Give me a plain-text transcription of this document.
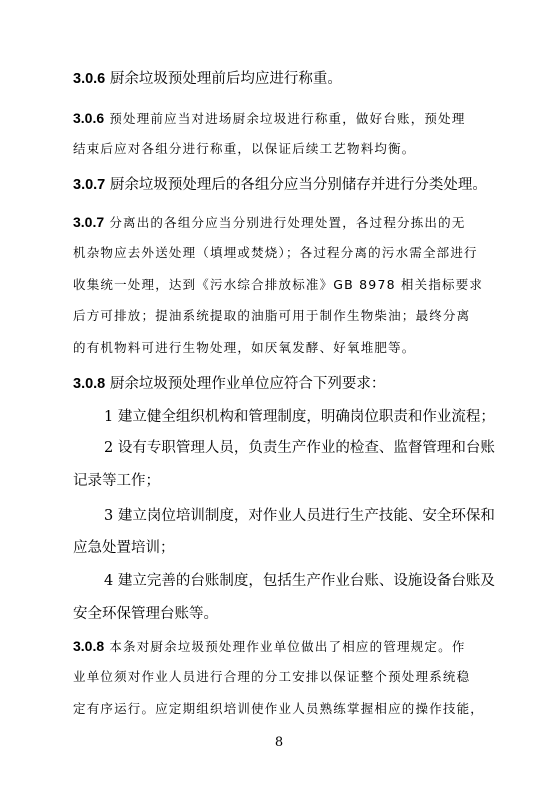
3.0.6 厨余垃圾预处理前后均应进行称重。
3.0.6 预处理前应当对进场厨余垃圾进行称重，做好台账，预处理
结束后应对各组分进行称重，以保证后续工艺物料均衡。
3.0.7 厨余垃圾预处理后的各组分应当分别储存并进行分类处理。
3.0.7 分离出的各组分应当分别进行处理处置，各过程分拣出的无
机杂物应去外送处理（填埋或焚烧）；各过程分离的污水需全部进行
收集统一处理，达到《污水综合排放标准》GB 8978 相关指标要求
后方可排放；提油系统提取的油脂可用于制作生物柴油；最终分离
的有机物料可进行生物处理，如厌氧发酵、好氧堆肥等。
3.0.8 厨余垃圾预处理作业单位应符合下列要求：
1 建立健全组织机构和管理制度，明确岗位职责和作业流程；
2 设有专职管理人员，负责生产作业的检查、监督管理和台账
记录等工作；
3 建立岗位培训制度，对作业人员进行生产技能、安全环保和
应急处置培训；
4 建立完善的台账制度，包括生产作业台账、设施设备台账及
安全环保管理台账等。
3.0.8 本条对厨余垃圾预处理作业单位做出了相应的管理规定。作
业单位须对作业人员进行合理的分工安排以保证整个预处理系统稳
定有序运行。应定期组织培训使作业人员熟练掌握相应的操作技能，
8
